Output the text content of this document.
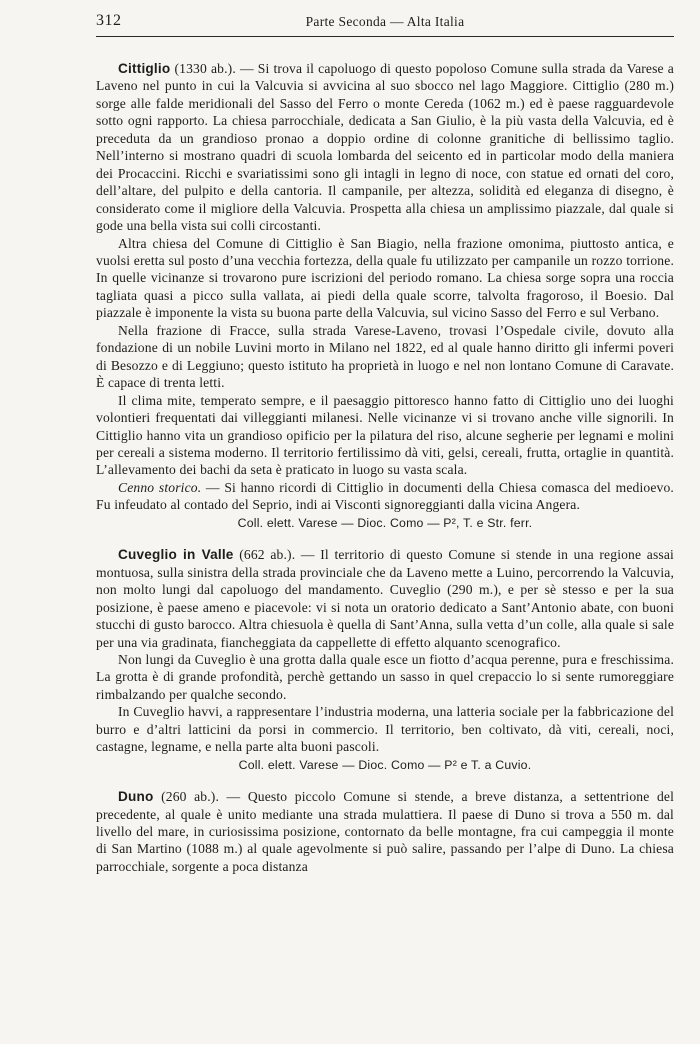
312	Parte Seconda — Alta Italia

Cittiglio (1330 ab.). — Si trova il capoluogo di questo popoloso Comune sulla strada da Varese a Laveno nel punto in cui la Valcuvia si avvicina al suo sbocco nel lago Maggiore. Cittiglio (280 m.) sorge alle falde meridionali del Sasso del Ferro o monte Cereda (1062 m.) ed è paese ragguardevole sotto ogni rapporto. La chiesa parrocchiale, dedicata a San Giulio, è la più vasta della Valcuvia, ed è preceduta da un grandioso pronao a doppio ordine di colonne granitiche di bellissimo taglio. Nell’interno si mostrano quadri di scuola lombarda del seicento ed in particolar modo della maniera dei Procaccini. Ricchi e svariatissimi sono gli intagli in legno di noce, con statue ed ornati del coro, dell’altare, del pulpito e della cantoria. Il campanile, per altezza, solidità ed eleganza di disegno, è considerato come il migliore della Valcuvia. Prospetta alla chiesa un amplissimo piazzale, dal quale si gode una bella vista sui colli circostanti.

Altra chiesa del Comune di Cittiglio è San Biagio, nella frazione omonima, piuttosto antica, e vuolsi eretta sul posto d’una vecchia fortezza, della quale fu utilizzato per campanile un rozzo torrione. In quelle vicinanze si trovarono pure iscrizioni del periodo romano. La chiesa sorge sopra una roccia tagliata quasi a picco sulla vallata, ai piedi della quale scorre, talvolta fragoroso, il Boesio. Dal piazzale è imponente la vista su buona parte della Valcuvia, sul vicino Sasso del Ferro e sul Verbano.

Nella frazione di Fracce, sulla strada Varese-Laveno, trovasi l’Ospedale civile, dovuto alla fondazione di un nobile Luvini morto in Milano nel 1822, ed al quale hanno diritto gli infermi poveri di Besozzo e di Leggiuno; questo istituto ha proprietà in luogo e nel non lontano Comune di Caravate. È capace di trenta letti.

Il clima mite, temperato sempre, e il paesaggio pittoresco hanno fatto di Cittiglio uno dei luoghi volontieri frequentati dai villeggianti milanesi. Nelle vicinanze vi si trovano anche ville signorili. In Cittiglio hanno vita un grandioso opificio per la pilatura del riso, alcune segherie per legnami e molini per cereali a sistema moderno. Il territorio fertilissimo dà viti, gelsi, cereali, frutta, ortaglie in quantità. L’allevamento dei bachi da seta è praticato in luogo su vasta scala.

Cenno storico. — Si hanno ricordi di Cittiglio in documenti della Chiesa comasca del medioevo. Fu infeudato al contado del Seprio, indi ai Visconti signoreggianti dalla vicina Angera.

Coll. elett. Varese — Dioc. Como — P², T. e Str. ferr.

Cuveglio in Valle (662 ab.). — Il territorio di questo Comune si stende in una regione assai montuosa, sulla sinistra della strada provinciale che da Laveno mette a Luino, percorrendo la Valcuvia, non molto lungi dal capoluogo del mandamento. Cuveglio (290 m.), e per sè stesso e per la sua posizione, è paese ameno e piacevole: vi si nota un oratorio dedicato a Sant’Antonio abate, con buoni stucchi di gusto barocco. Altra chiesuola è quella di Sant’Anna, sulla vetta d’un colle, alla quale si sale per una via gradinata, fiancheggiata da cappellette di effetto alquanto scenografico.

Non lungi da Cuveglio è una grotta dalla quale esce un fiotto d’acqua perenne, pura e freschissima. La grotta è di grande profondità, perchè gettando un sasso in quel crepaccio lo si sente rumoreggiare rimbalzando per qualche secondo.

In Cuveglio havvi, a rappresentare l’industria moderna, una latteria sociale per la fabbricazione del burro e d’altri latticini da porsi in commercio. Il territorio, ben coltivato, dà viti, cereali, noci, castagne, legname, e nella parte alta buoni pascoli.

Coll. elett. Varese — Dioc. Como — P² e T. a Cuvio.

Duno (260 ab.). — Questo piccolo Comune si stende, a breve distanza, a settentrione del precedente, al quale è unito mediante una strada mulattiera. Il paese di Duno si trova a 550 m. dal livello del mare, in curiosissima posizione, contornato da belle montagne, fra cui campeggia il monte di San Martino (1088 m.) al quale agevolmente si può salire, passando per l’alpe di Duno. La chiesa parrocchiale, sorgente a poca distanza
